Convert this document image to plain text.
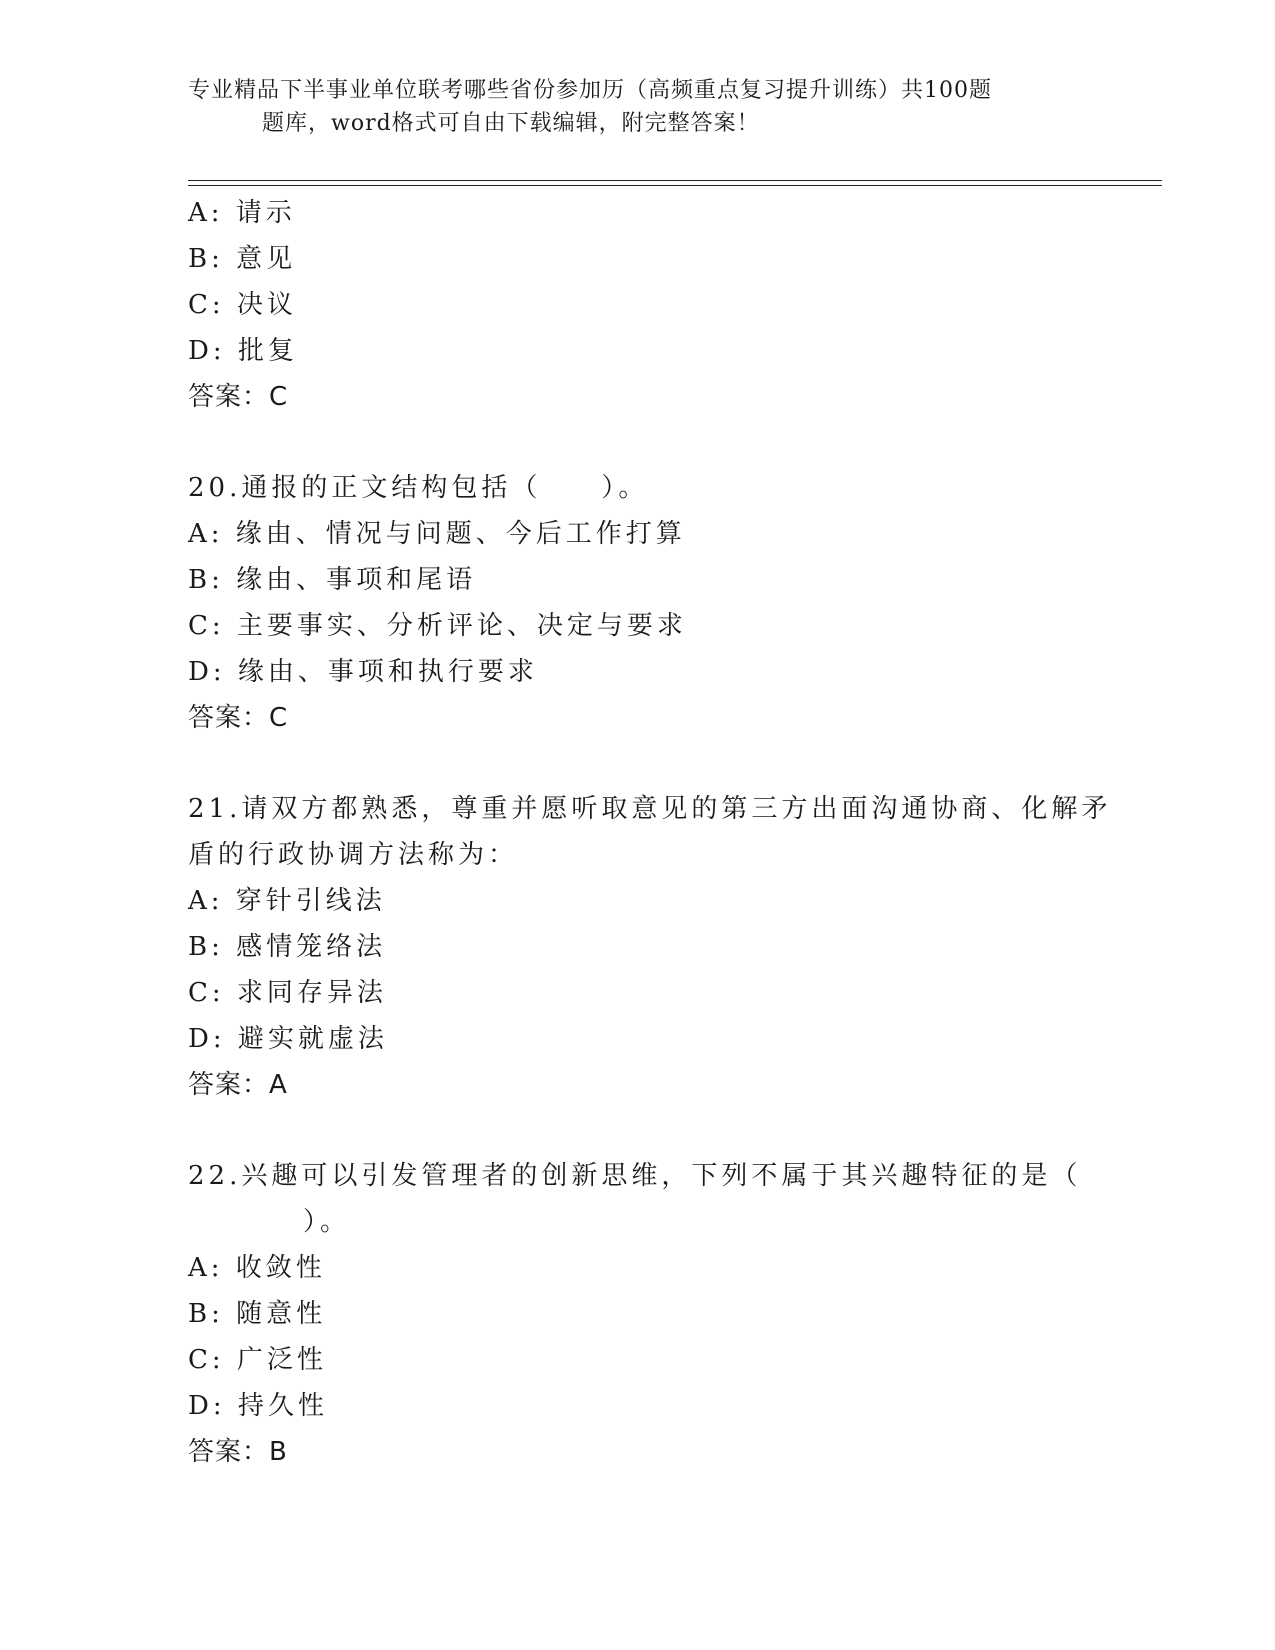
专业精品下半事业单位联考哪些省份参加历（高频重点复习提升训练）共100题
题库，word格式可自由下载编辑，附完整答案！
A: 请示
B: 意见
C: 决议
D: 批复
答案：C
20.通报的正文结构包括（　　）。
A: 缘由、情况与问题、今后工作打算
B: 缘由、事项和尾语
C: 主要事实、分析评论、决定与要求
D: 缘由、事项和执行要求
答案：C
21.请双方都熟悉，尊重并愿听取意见的第三方出面沟通协商、化解矛
盾的行政协调方法称为：
A: 穿针引线法
B: 感情笼络法
C: 求同存异法
D: 避实就虚法
答案：A
22.兴趣可以引发管理者的创新思维，下列不属于其兴趣特征的是（
）。
A: 收敛性
B: 随意性
C: 广泛性
D: 持久性
答案：B
